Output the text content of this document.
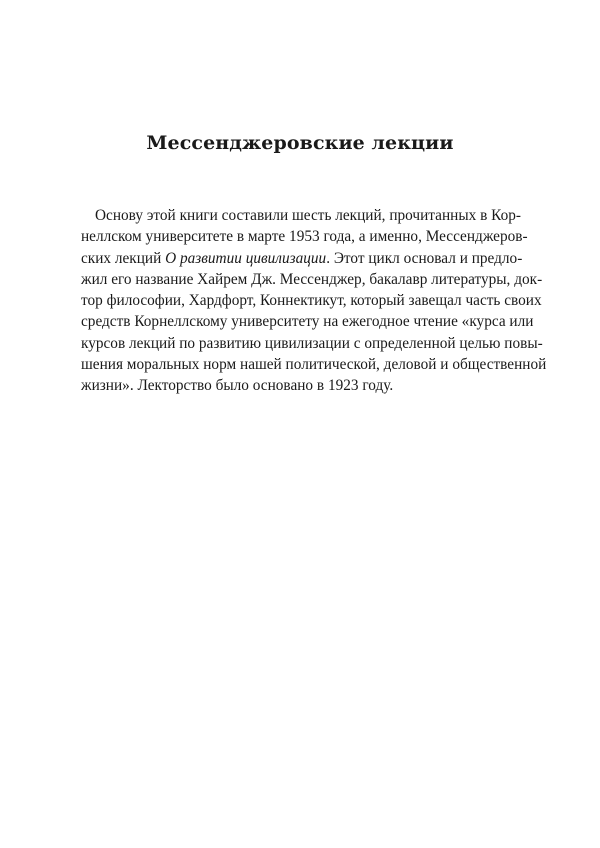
Мессенджеровские лекции
Основу этой книги составили шесть лекций, прочитанных в Кор-
неллском университете в марте 1953 года, а именно, Мессенджеров-
ских лекций О развитии цивилизации. Этот цикл основал и предло-
жил его название Хайрем Дж. Мессенджер, бакалавр литературы, док-
тор философии, Хардфорт, Коннектикут, который завещал часть своих
средств Корнеллскому университету на ежегодное чтение «курса или
курсов лекций по развитию цивилизации с определенной целью повы-
шения моральных норм нашей политической, деловой и общественной
жизни». Лекторство было основано в 1923 году.
